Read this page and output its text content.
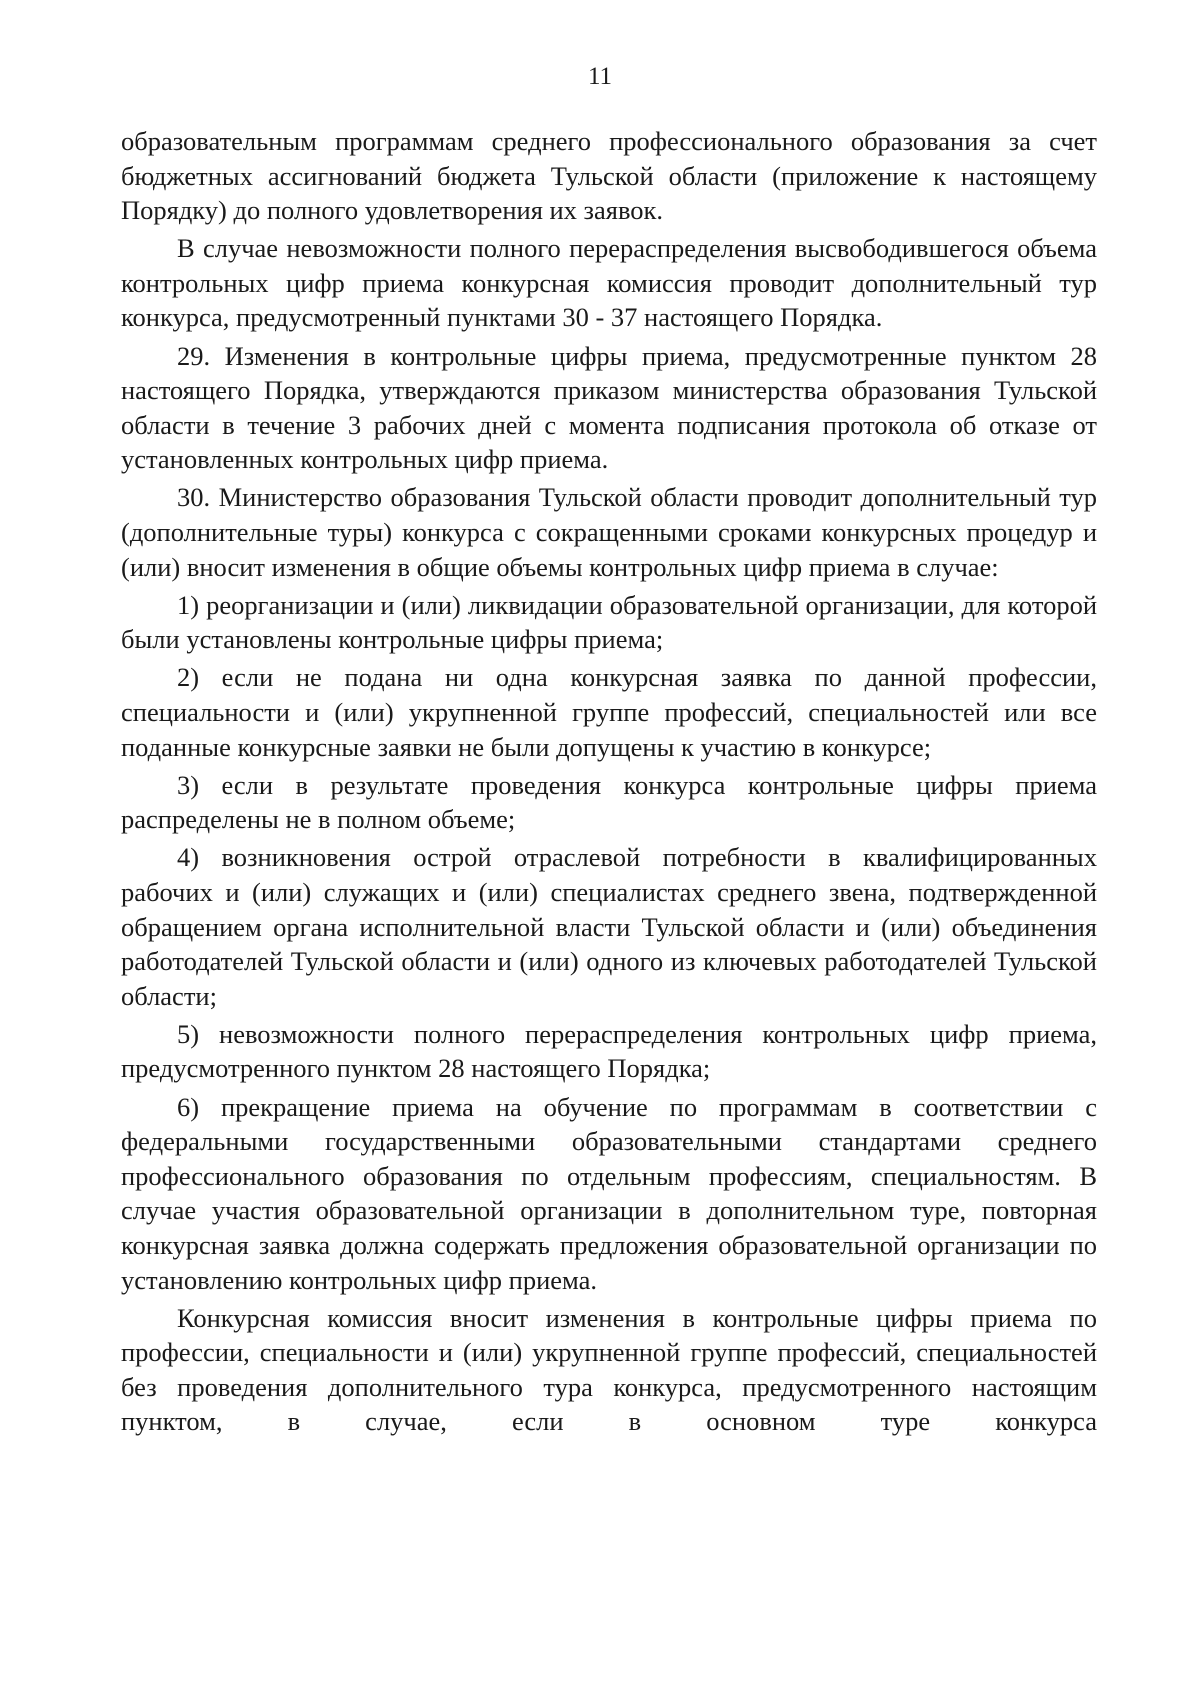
11

образовательным программам среднего профессионального образования за счет бюджетных ассигнований бюджета Тульской области (приложение к настоящему Порядку) до полного удовлетворения их заявок.

В случае невозможности полного перераспределения высвободившегося объема контрольных цифр приема конкурсная комиссия проводит дополнительный тур конкурса, предусмотренный пунктами 30 - 37 настоящего Порядка.

29. Изменения в контрольные цифры приема, предусмотренные пунктом 28 настоящего Порядка, утверждаются приказом министерства образования Тульской области в течение 3 рабочих дней с момента подписания протокола об отказе от установленных контрольных цифр приема.

30. Министерство образования Тульской области проводит дополнительный тур (дополнительные туры) конкурса с сокращенными сроками конкурсных процедур и (или) вносит изменения в общие объемы контрольных цифр приема в случае:

1) реорганизации и (или) ликвидации образовательной организации, для которой были установлены контрольные цифры приема;

2) если не подана ни одна конкурсная заявка по данной профессии, специальности и (или) укрупненной группе профессий, специальностей или все поданные конкурсные заявки не были допущены к участию в конкурсе;

3) если в результате проведения конкурса контрольные цифры приема распределены не в полном объеме;

4) возникновения острой отраслевой потребности в квалифицированных рабочих и (или) служащих и (или) специалистах среднего звена, подтвержденной обращением органа исполнительной власти Тульской области и (или) объединения работодателей Тульской области и (или) одного из ключевых работодателей Тульской области;

5) невозможности полного перераспределения контрольных цифр приема, предусмотренного пунктом 28 настоящего Порядка;

6) прекращение приема на обучение по программам в соответствии с федеральными государственными образовательными стандартами среднего профессионального образования по отдельным профессиям, специальностям. В случае участия образовательной организации в дополнительном туре, повторная конкурсная заявка должна содержать предложения образовательной организации по установлению контрольных цифр приема.

Конкурсная комиссия вносит изменения в контрольные цифры приема по профессии, специальности и (или) укрупненной группе профессий, специальностей без проведения дополнительного тура конкурса, предусмотренного настоящим пунктом, в случае, если в основном туре конкурса
